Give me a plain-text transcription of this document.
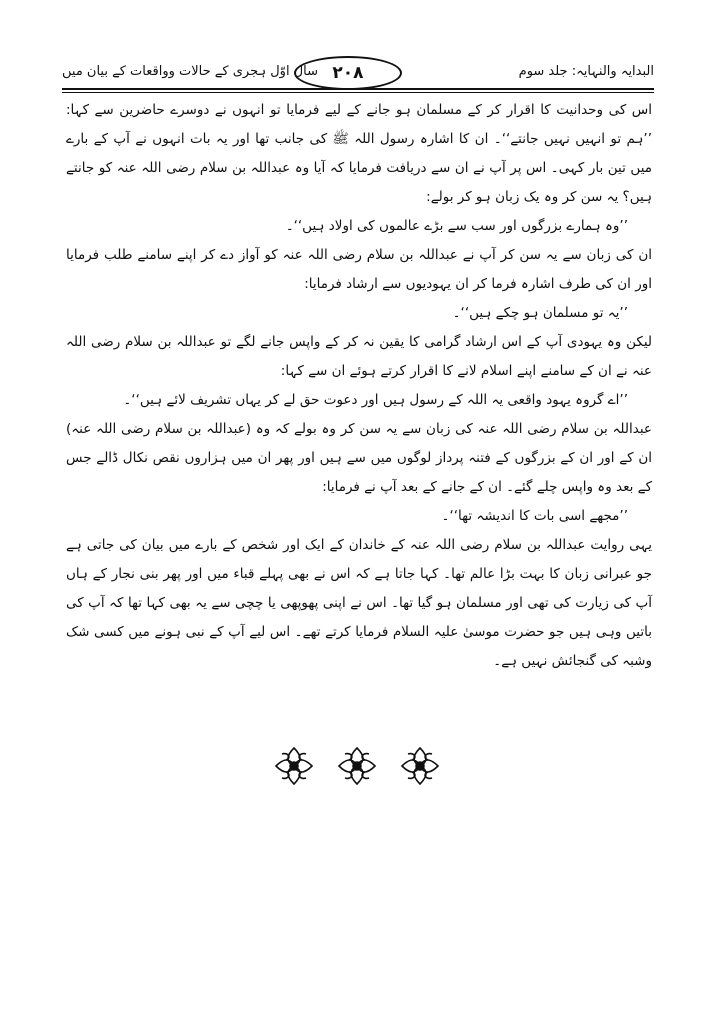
سال اوّل ہجری کے حالات وواقعات کے بیان میں ۲۰۸	البدایہ والنہایہ: جلد سوم

اس کی وحدانیت کا اقرار کر کے مسلمان ہو جانے کے لیے فرمایا تو انہوں نے دوسرے حاضرین سے کہا: ’’ہم تو انہیں نہیں جانتے‘‘۔ ان کا اشارہ رسول اللہ ﷺ کی جانب تھا اور یہ بات انہوں نے آپ کے بارے میں تین بار کہی۔ اس پر آپ نے ان سے دریافت فرمایا کہ آیا وہ عبداللہ بن سلام رضی اللہ عنہ کو جانتے ہیں؟ یہ سن کر وہ یک زبان ہو کر بولے:

’’وہ ہمارے بزرگوں اور سب سے بڑے عالموں کی اولاد ہیں‘‘۔

ان کی زبان سے یہ سن کر آپ نے عبداللہ بن سلام رضی اللہ عنہ کو آواز دے کر اپنے سامنے طلب فرمایا اور ان کی طرف اشارہ فرما کر ان یہودیوں سے ارشاد فرمایا:

’’یہ تو مسلمان ہو چکے ہیں‘‘۔

لیکن وہ یہودی آپ کے اس ارشاد گرامی کا یقین نہ کر کے واپس جانے لگے تو عبداللہ بن سلام رضی اللہ عنہ نے ان کے سامنے اپنے اسلام لانے کا اقرار کرتے ہوئے ان سے کہا:

’’اے گروہ یہود واقعی یہ اللہ کے رسول ہیں اور دعوت حق لے کر یہاں تشریف لائے ہیں‘‘۔

عبداللہ بن سلام رضی اللہ عنہ کی زبان سے یہ سن کر وہ بولے کہ وہ (عبداللہ بن سلام رضی اللہ عنہ) ان کے اور ان کے بزرگوں کے فتنہ پرداز لوگوں میں سے ہیں اور پھر ان میں ہزاروں نقص نکال ڈالے جس کے بعد وہ واپس چلے گئے۔ ان کے جانے کے بعد آپ نے فرمایا:

’’مجھے اسی بات کا اندیشہ تھا‘‘۔

یہی روایت عبداللہ بن سلام رضی اللہ عنہ کے خاندان کے ایک اور شخص کے بارے میں بیان کی جاتی ہے جو عبرانی زبان کا بہت بڑا عالم تھا۔ کہا جاتا ہے کہ اس نے بھی پہلے قباء میں اور پھر بنی نجار کے ہاں آپ کی زیارت کی تھی اور مسلمان ہو گیا تھا۔ اس نے اپنی پھوپھی یا چچی سے یہ بھی کہا تھا کہ آپ کی باتیں وہی ہیں جو حضرت موسیٰ علیہ السلام فرمایا کرتے تھے۔ اس لیے آپ کے نبی ہونے میں کسی شک وشبہ کی گنجائش نہیں ہے۔
